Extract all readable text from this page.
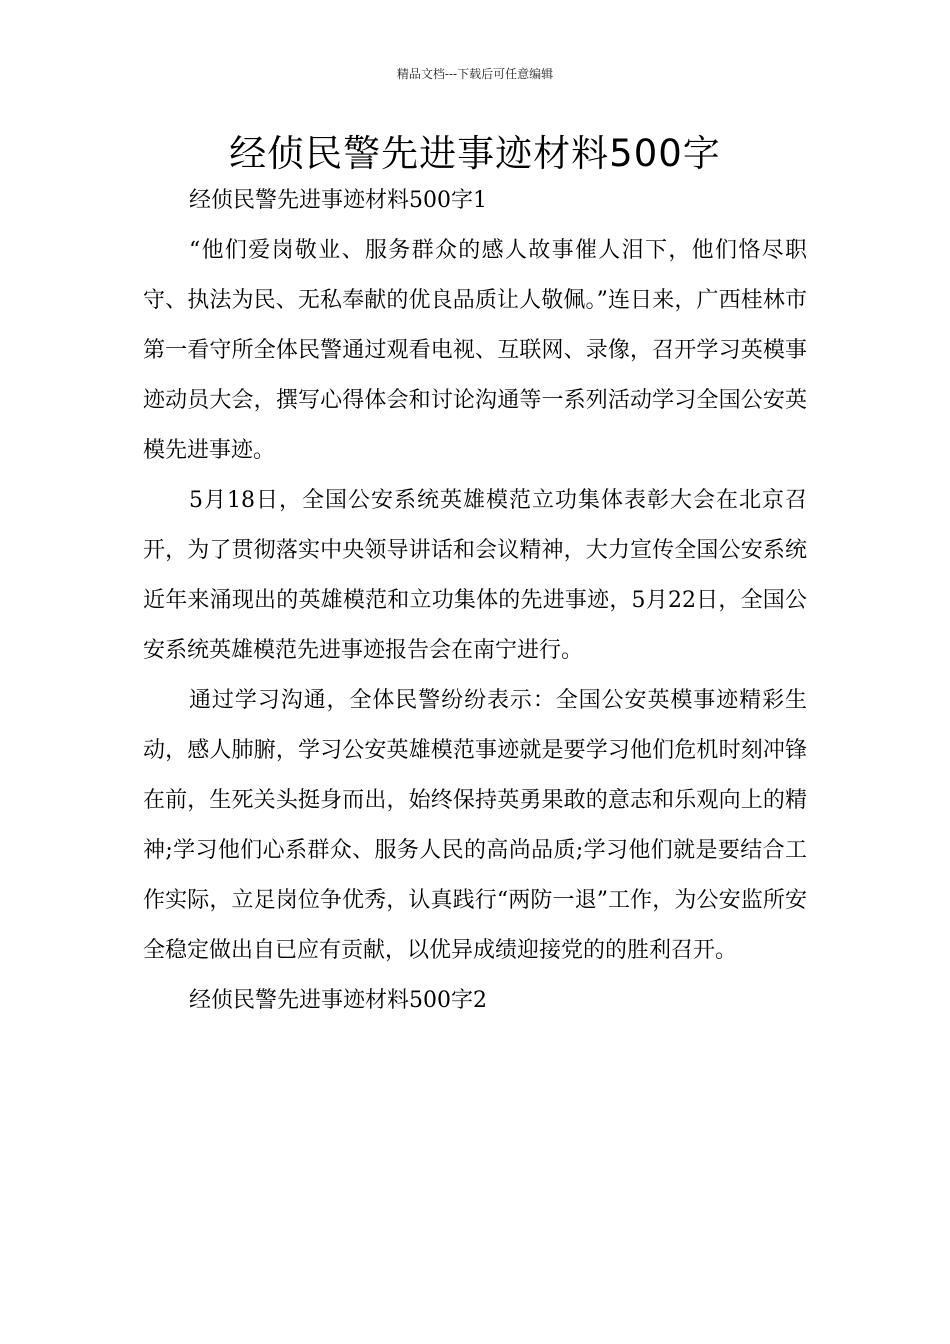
精品文档---下载后可任意编辑
经侦民警先进事迹材料500字

经侦民警先进事迹材料500字1

“他们爱岗敬业、服务群众的感人故事催人泪下，他们恪尽职守、执法为民、无私奉献的优良品质让人敬佩。”连日来，广西桂林市第一看守所全体民警通过观看电视、互联网、录像，召开学习英模事迹动员大会，撰写心得体会和讨论沟通等一系列活动学习全国公安英模先进事迹。

5月18日，全国公安系统英雄模范立功集体表彰大会在北京召开，为了贯彻落实中央领导讲话和会议精神，大力宣传全国公安系统近年来涌现出的英雄模范和立功集体的先进事迹，5月22日，全国公安系统英雄模范先进事迹报告会在南宁进行。

通过学习沟通，全体民警纷纷表示：全国公安英模事迹精彩生动，感人肺腑，学习公安英雄模范事迹就是要学习他们危机时刻冲锋在前，生死关头挺身而出，始终保持英勇果敢的意志和乐观向上的精神;学习他们心系群众、服务人民的高尚品质;学习他们就是要结合工作实际，立足岗位争优秀，认真践行“两防一退”工作，为公安监所安全稳定做出自已应有贡献，以优异成绩迎接党的的胜利召开。

经侦民警先进事迹材料500字2
